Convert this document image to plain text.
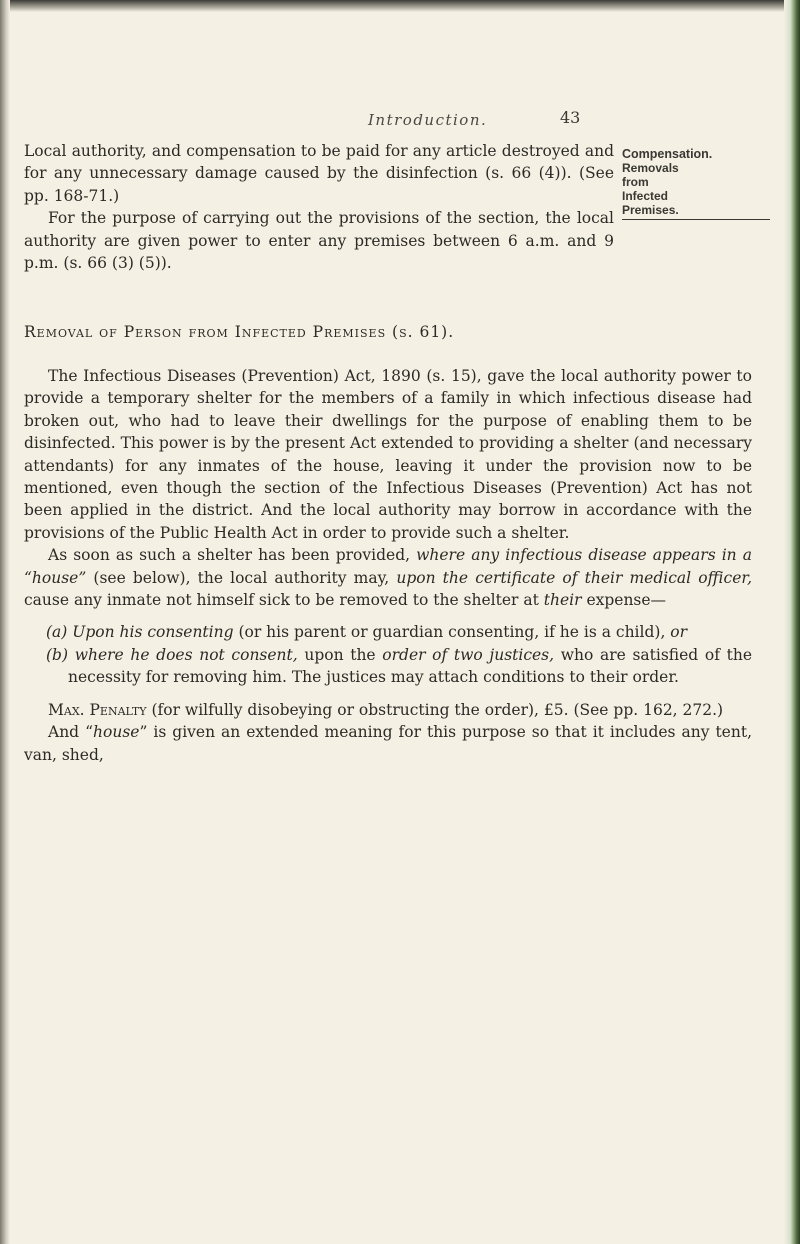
Introduction.	43
Compensation.
Removals
from
Infected
Premises.

Local authority, and compensation to be paid for any article destroyed and for any unnecessary damage caused by the disinfection (s. 66 (4)). (See pp. 168-71.)

For the purpose of carrying out the provisions of the section, the local authority are given power to enter any premises between 6 a.m. and 9 p.m. (s. 66 (3) (5)).

Removal of Person from Infected Premises (s. 61).

The Infectious Diseases (Prevention) Act, 1890 (s. 15), gave the local authority power to provide a temporary shelter for the members of a family in which infectious disease had broken out, who had to leave their dwellings for the purpose of enabling them to be disinfected. This power is by the present Act extended to providing a shelter (and necessary attendants) for any inmates of the house, leaving it under the provision now to be mentioned, even though the section of the Infectious Diseases (Prevention) Act has not been applied in the district. And the local authority may borrow in accordance with the provisions of the Public Health Act in order to provide such a shelter.

As soon as such a shelter has been provided, where any infectious disease appears in a “house” (see below), the local authority may, upon the certificate of their medical officer, cause any inmate not himself sick to be removed to the shelter at their expense—

(a) Upon his consenting (or his parent or guardian consenting, if he is a child), or

(b) where he does not consent, upon the order of two justices, who are satisfied of the necessity for removing him. The justices may attach conditions to their order.

Max. Penalty (for wilfully disobeying or obstructing the order), £5. (See pp. 162, 272.)

And “house” is given an extended meaning for this purpose so that it includes any tent, van, shed,
